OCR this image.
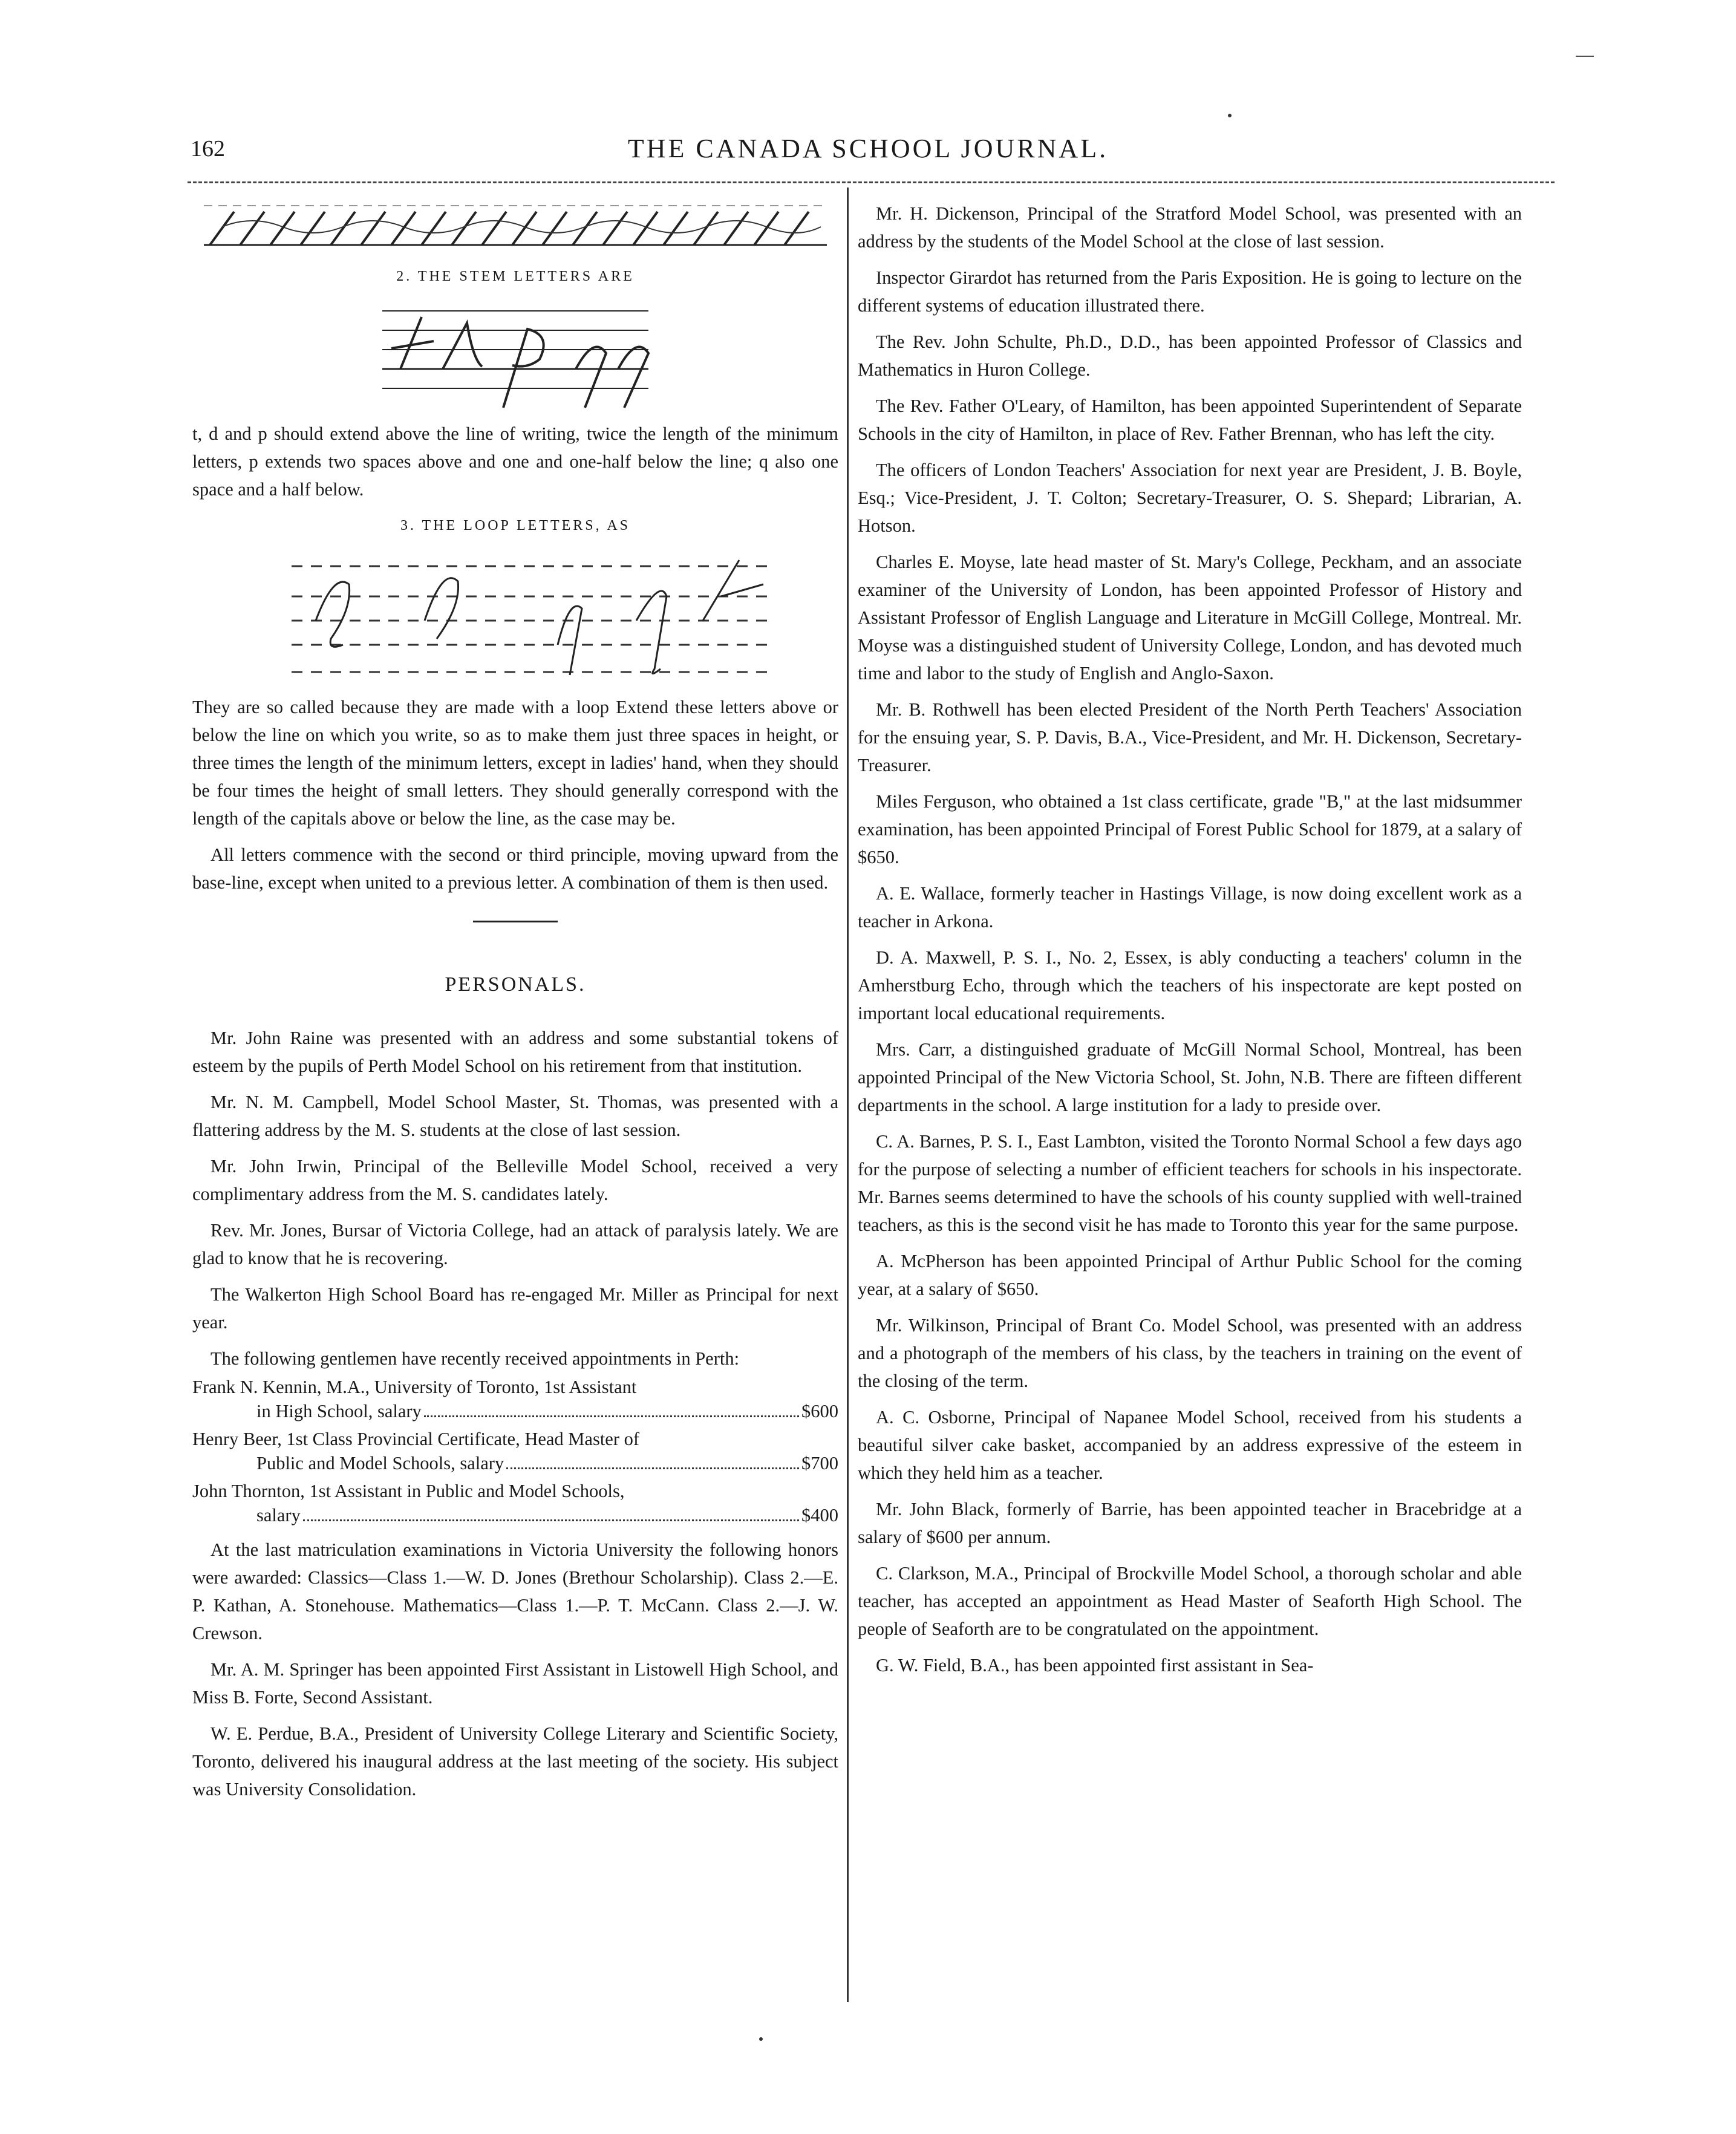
162	THE CANADA SCHOOL JOURNAL.
2. THE STEM LETTERS ARE

t, d and p should extend above the line of writing, twice the length of the minimum letters, p extends two spaces above and one and one-half below the line; q also one space and a half below.

3. THE LOOP LETTERS, AS

They are so called because they are made with a loop Extend these letters above or below the line on which you write, so as to make them just three spaces in height, or three times the length of the minimum letters, except in ladies' hand, when they should be four times the height of small letters. They should generally correspond with the length of the capitals above or below the line, as the case may be.

All letters commence with the second or third principle, moving upward from the base-line, except when united to a previous letter. A combination of them is then used.

PERSONALS.

Mr. John Raine was presented with an address and some substantial tokens of esteem by the pupils of Perth Model School on his retirement from that institution.

Mr. N. M. Campbell, Model School Master, St. Thomas, was presented with a flattering address by the M. S. students at the close of last session.

Mr. John Irwin, Principal of the Belleville Model School, received a very complimentary address from the M. S. candidates lately.

Rev. Mr. Jones, Bursar of Victoria College, had an attack of paralysis lately. We are glad to know that he is recovering.

The Walkerton High School Board has re-engaged Mr. Miller as Principal for next year.

The following gentlemen have recently received appointments in Perth:

Frank N. Kennin, M.A., University of Toronto, 1st Assistant
in High School, salary	$600
Henry Beer, 1st Class Provincial Certificate, Head Master of
Public and Model Schools, salary	$700
John Thornton, 1st Assistant in Public and Model Schools,
salary	$400

At the last matriculation examinations in Victoria University the following honors were awarded: Classics—Class 1.—W. D. Jones (Brethour Scholarship). Class 2.—E. P. Kathan, A. Stonehouse. Mathematics—Class 1.—P. T. McCann. Class 2.—J. W. Crewson.

Mr. A. M. Springer has been appointed First Assistant in Listowell High School, and Miss B. Forte, Second Assistant.

W. E. Perdue, B.A., President of University College Literary and Scientific Society, Toronto, delivered his inaugural address at the last meeting of the society. His subject was University Consolidation.

Mr. H. Dickenson, Principal of the Stratford Model School, was presented with an address by the students of the Model School at the close of last session.

Inspector Girardot has returned from the Paris Exposition. He is going to lecture on the different systems of education illustrated there.

The Rev. John Schulte, Ph.D., D.D., has been appointed Professor of Classics and Mathematics in Huron College.

The Rev. Father O'Leary, of Hamilton, has been appointed Superintendent of Separate Schools in the city of Hamilton, in place of Rev. Father Brennan, who has left the city.

The officers of London Teachers' Association for next year are President, J. B. Boyle, Esq.; Vice-President, J. T. Colton; Secretary-Treasurer, O. S. Shepard; Librarian, A. Hotson.

Charles E. Moyse, late head master of St. Mary's College, Peckham, and an associate examiner of the University of London, has been appointed Professor of History and Assistant Professor of English Language and Literature in McGill College, Montreal. Mr. Moyse was a distinguished student of University College, London, and has devoted much time and labor to the study of English and Anglo-Saxon.

Mr. B. Rothwell has been elected President of the North Perth Teachers' Association for the ensuing year, S. P. Davis, B.A., Vice-President, and Mr. H. Dickenson, Secretary-Treasurer.

Miles Ferguson, who obtained a 1st class certificate, grade "B," at the last midsummer examination, has been appointed Principal of Forest Public School for 1879, at a salary of $650.

A. E. Wallace, formerly teacher in Hastings Village, is now doing excellent work as a teacher in Arkona.

D. A. Maxwell, P. S. I., No. 2, Essex, is ably conducting a teachers' column in the Amherstburg Echo, through which the teachers of his inspectorate are kept posted on important local educational requirements.

Mrs. Carr, a distinguished graduate of McGill Normal School, Montreal, has been appointed Principal of the New Victoria School, St. John, N.B. There are fifteen different departments in the school. A large institution for a lady to preside over.

C. A. Barnes, P. S. I., East Lambton, visited the Toronto Normal School a few days ago for the purpose of selecting a number of efficient teachers for schools in his inspectorate. Mr. Barnes seems determined to have the schools of his county supplied with well-trained teachers, as this is the second visit he has made to Toronto this year for the same purpose.

A. McPherson has been appointed Principal of Arthur Public School for the coming year, at a salary of $650.

Mr. Wilkinson, Principal of Brant Co. Model School, was presented with an address and a photograph of the members of his class, by the teachers in training on the event of the closing of the term.

A. C. Osborne, Principal of Napanee Model School, received from his students a beautiful silver cake basket, accompanied by an address expressive of the esteem in which they held him as a teacher.

Mr. John Black, formerly of Barrie, has been appointed teacher in Bracebridge at a salary of $600 per annum.

C. Clarkson, M.A., Principal of Brockville Model School, a thorough scholar and able teacher, has accepted an appointment as Head Master of Seaforth High School. The people of Seaforth are to be congratulated on the appointment.

G. W. Field, B.A., has been appointed first assistant in Sea-
